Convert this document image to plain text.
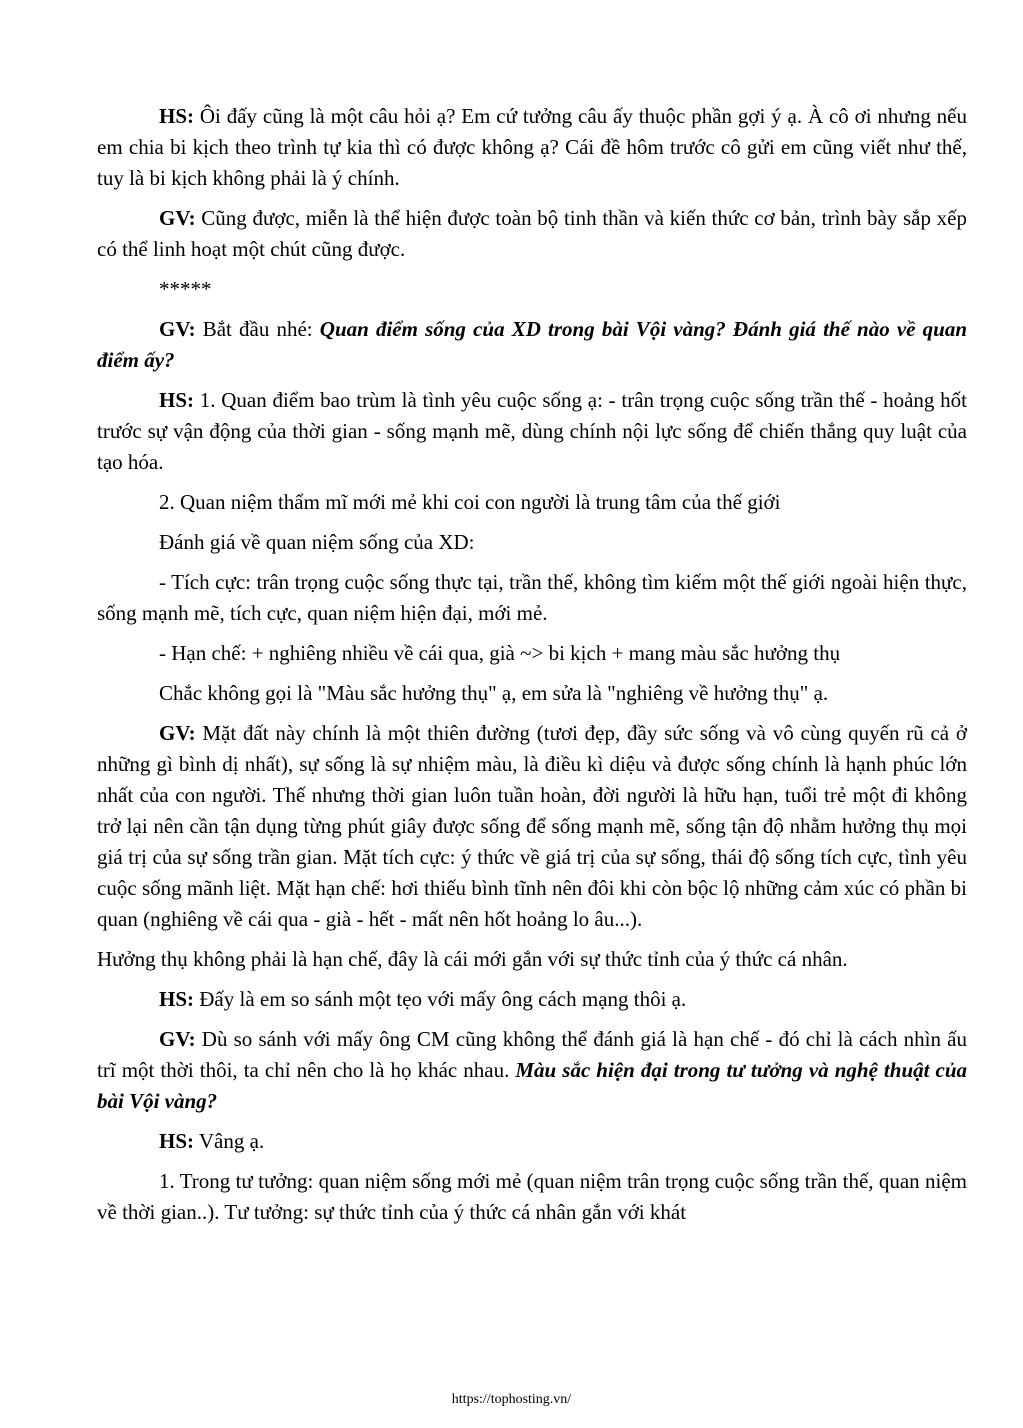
HS: Ôi đấy cũng là một câu hỏi ạ? Em cứ tưởng câu ấy thuộc phần gợi ý ạ. À cô ơi nhưng nếu em chia bi kịch theo trình tự kia thì có được không ạ? Cái đề hôm trước cô gửi em cũng viết như thế, tuy là bi kịch không phải là ý chính.

GV: Cũng được, miễn là thể hiện được toàn bộ tinh thần và kiến thức cơ bản, trình bày sắp xếp có thể linh hoạt một chút cũng được.

*****

GV: Bắt đầu nhé: Quan điểm sống của XD trong bài Vội vàng? Đánh giá thế nào về quan điểm ấy?

HS: 1. Quan điểm bao trùm là tình yêu cuộc sống ạ: - trân trọng cuộc sống trần thế - hoảng hốt trước sự vận động của thời gian - sống mạnh mẽ, dùng chính nội lực sống để chiến thắng quy luật của tạo hóa.

2. Quan niệm thẩm mĩ mới mẻ khi coi con người là trung tâm của thế giới

Đánh giá về quan niệm sống của XD:

- Tích cực: trân trọng cuộc sống thực tại, trần thế, không tìm kiếm một thế giới ngoài hiện thực, sống mạnh mẽ, tích cực, quan niệm hiện đại, mới mẻ.

- Hạn chế: + nghiêng nhiều về cái qua, già ~> bi kịch + mang màu sắc hưởng thụ

Chắc không gọi là "Màu sắc hưởng thụ" ạ, em sửa là "nghiêng về hưởng thụ" ạ.

GV: Mặt đất này chính là một thiên đường (tươi đẹp, đầy sức sống và vô cùng quyến rũ cả ở những gì bình dị nhất), sự sống là sự nhiệm màu, là điều kì diệu và được sống chính là hạnh phúc lớn nhất của con người. Thế nhưng thời gian luôn tuần hoàn, đời người là hữu hạn, tuổi trẻ một đi không trở lại nên cần tận dụng từng phút giây được sống để sống mạnh mẽ, sống tận độ nhằm hưởng thụ mọi giá trị của sự sống trần gian. Mặt tích cực: ý thức về giá trị của sự sống, thái độ sống tích cực, tình yêu cuộc sống mãnh liệt. Mặt hạn chế: hơi thiếu bình tĩnh nên đôi khi còn bộc lộ những cảm xúc có phần bi quan (nghiêng về cái qua - già - hết - mất nên hốt hoảng lo âu...).

Hưởng thụ không phải là hạn chế, đây là cái mới gắn với sự thức tỉnh của ý thức cá nhân.

HS: Đấy là em so sánh một tẹo với mấy ông cách mạng thôi ạ.

GV: Dù so sánh với mấy ông CM cũng không thể đánh giá là hạn chế - đó chỉ là cách nhìn ấu trĩ một thời thôi, ta chỉ nên cho là họ khác nhau. Màu sắc hiện đại trong tư tưởng và nghệ thuật của bài Vội vàng?

HS: Vâng ạ.

1. Trong tư tưởng: quan niệm sống mới mẻ (quan niệm trân trọng cuộc sống trần thế, quan niệm về thời gian..). Tư tưởng: sự thức tỉnh của ý thức cá nhân gắn với khát

https://tophosting.vn/
